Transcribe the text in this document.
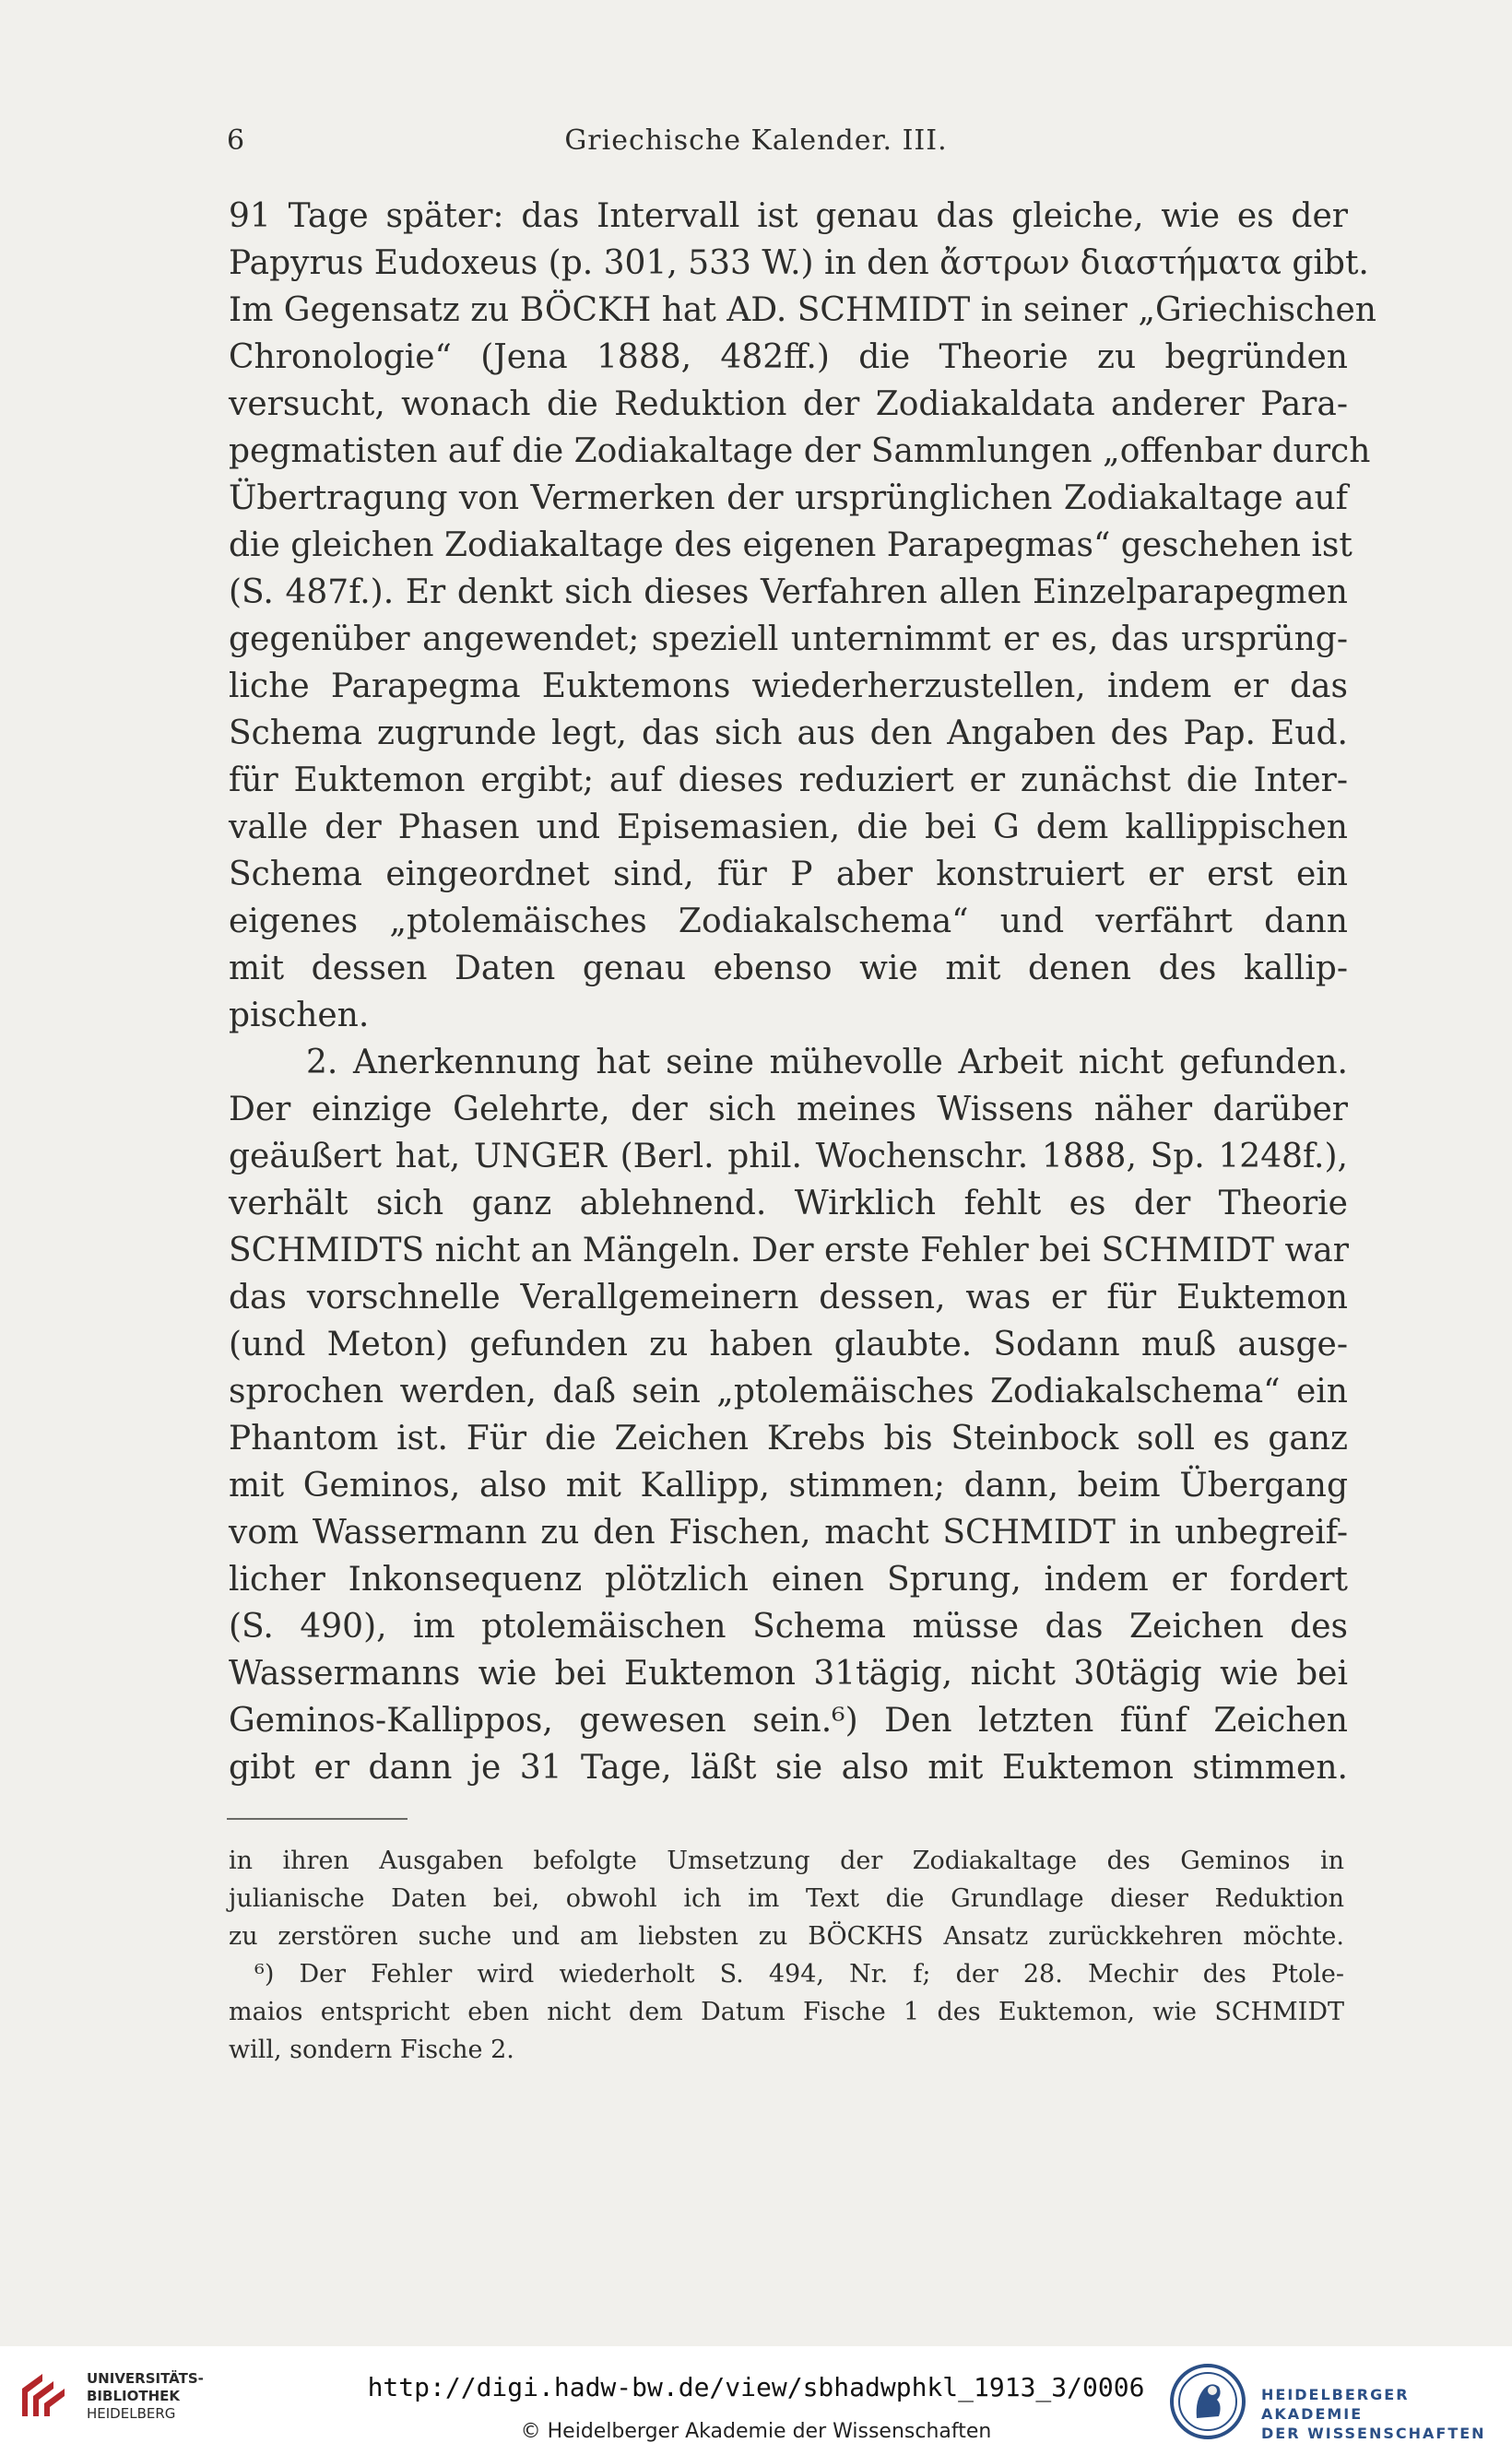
6	Griechische Kalender. III.
91 Tage später: das Intervall ist genau das gleiche, wie es der
Papyrus Eudoxeus (p. 301, 533 W.) in den ἄστρων διαστήματα gibt.
Im Gegensatz zu BÖCKH hat AD. SCHMIDT in seiner „Griechischen
Chronologie“ (Jena 1888, 482ff.) die Theorie zu begründen
versucht, wonach die Reduktion der Zodiakaldata anderer Para-
pegmatisten auf die Zodiakaltage der Sammlungen „offenbar durch
Übertragung von Vermerken der ursprünglichen Zodiakaltage auf
die gleichen Zodiakaltage des eigenen Parapegmas“ geschehen ist
(S. 487f.). Er denkt sich dieses Verfahren allen Einzelparapegmen
gegenüber angewendet; speziell unternimmt er es, das ursprüng-
liche Parapegma Euktemons wiederherzustellen, indem er das
Schema zugrunde legt, das sich aus den Angaben des Pap. Eud.
für Euktemon ergibt; auf dieses reduziert er zunächst die Inter-
valle der Phasen und Episemasien, die bei G dem kallippischen
Schema eingeordnet sind, für P aber konstruiert er erst ein
eigenes „ptolemäisches Zodiakalschema“ und verfährt dann
mit dessen Daten genau ebenso wie mit denen des kallip-
pischen.
2. Anerkennung hat seine mühevolle Arbeit nicht gefunden.
Der einzige Gelehrte, der sich meines Wissens näher darüber
geäußert hat, UNGER (Berl. phil. Wochenschr. 1888, Sp. 1248f.),
verhält sich ganz ablehnend. Wirklich fehlt es der Theorie
SCHMIDTS nicht an Mängeln. Der erste Fehler bei SCHMIDT war
das vorschnelle Verallgemeinern dessen, was er für Euktemon
(und Meton) gefunden zu haben glaubte. Sodann muß ausge-
sprochen werden, daß sein „ptolemäisches Zodiakalschema“ ein
Phantom ist. Für die Zeichen Krebs bis Steinbock soll es ganz
mit Geminos, also mit Kallipp, stimmen; dann, beim Übergang
vom Wassermann zu den Fischen, macht SCHMIDT in unbegreif-
licher Inkonsequenz plötzlich einen Sprung, indem er fordert
(S. 490), im ptolemäischen Schema müsse das Zeichen des
Wassermanns wie bei Euktemon 31tägig, nicht 30tägig wie bei
Geminos-Kallippos, gewesen sein.⁶) Den letzten fünf Zeichen
gibt er dann je 31 Tage, läßt sie also mit Euktemon stimmen.
in ihren Ausgaben befolgte Umsetzung der Zodiakaltage des Geminos in
julianische Daten bei, obwohl ich im Text die Grundlage dieser Reduktion
zu zerstören suche und am liebsten zu BÖCKHS Ansatz zurückkehren möchte.
⁶) Der Fehler wird wiederholt S. 494, Nr. f; der 28. Mechir des Ptole-
maios entspricht eben nicht dem Datum Fische 1 des Euktemon, wie SCHMIDT
will, sondern Fische 2.
UNIVERSITÄTS-
BIBLIOTHEK
HEIDELBERG
http://digi.hadw-bw.de/view/sbhadwphkl_1913_3/0006
© Heidelberger Akademie der Wissenschaften
HEIDELBERGER AKADEMIE
DER WISSENSCHAFTEN
